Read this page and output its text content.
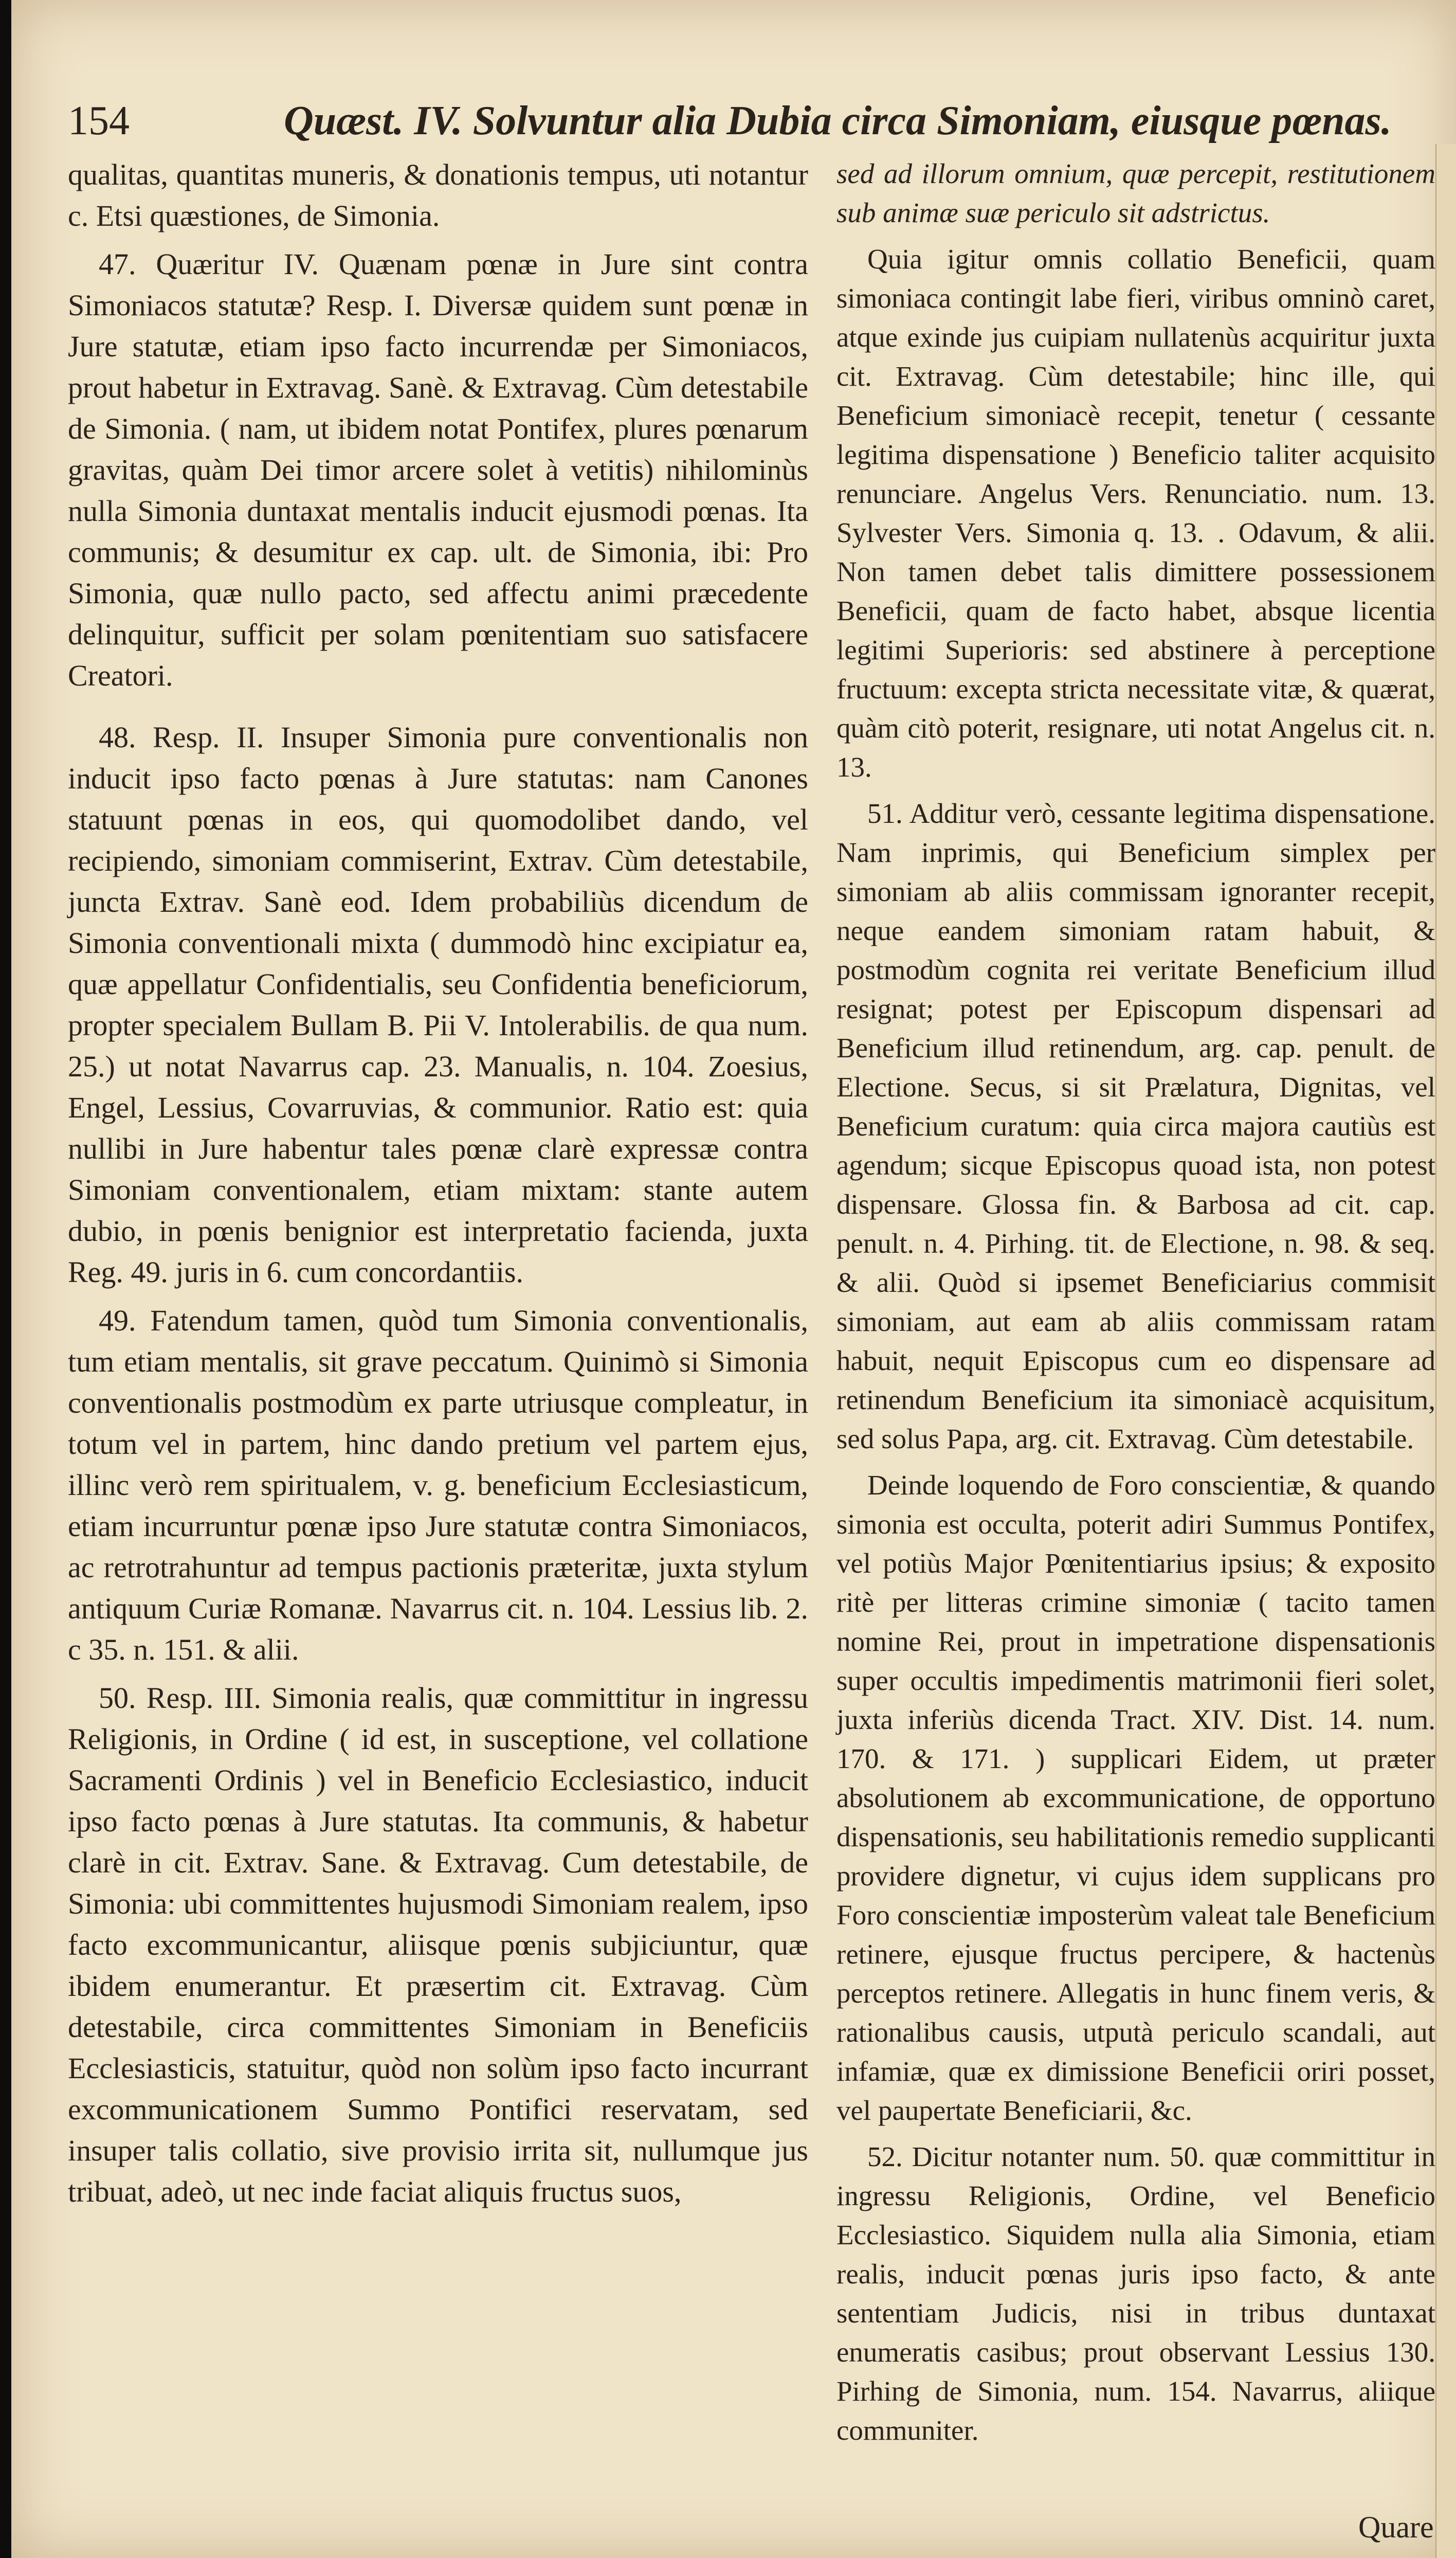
154	Quæst. IV. Solvuntur alia Dubia circa Simoniam, eiusque pœnas.

qualitas, quantitas muneris, & donationis tempus, uti notantur c. Etsi quæstiones, de Simonia.

47. Quæritur IV. Quænam pœnæ in Jure sint contra Simoniacos statutæ? Resp. I. Diversæ quidem sunt pœnæ in Jure statutæ, etiam ipso facto incurrendæ per Simoniacos, prout habetur in Extravag. Sanè. & Extravag. Cùm detestabile de Simonia. ( nam, ut ibidem notat Pontifex, plures pœnarum gravitas, quàm Dei timor arcere solet à vetitis) nihilominùs nulla Simonia duntaxat mentalis inducit ejusmodi pœnas. Ita communis; & desumitur ex cap. ult. de Simonia, ibi: Pro Simonia, quæ nullo pacto, sed affectu animi præcedente delinquitur, sufficit per solam pœnitentiam suo satisfacere Creatori.

48. Resp. II. Insuper Simonia pure conventionalis non inducit ipso facto pœnas à Jure statutas: nam Canones statuunt pœnas in eos, qui quomodolibet dando, vel recipiendo, simoniam commiserint, Extrav. Cùm detestabile, juncta Extrav. Sanè eod. Idem probabiliùs dicendum de Simonia conventionali mixta ( dummodò hinc excipiatur ea, quæ appellatur Confidentialis, seu Confidentia beneficiorum, propter specialem Bullam B. Pii V. Intolerabilis. de qua num. 25.) ut notat Navarrus cap. 23. Manualis, n. 104. Zoesius, Engel, Lessius, Covarruvias, & communior. Ratio est: quia nullibi in Jure habentur tales pœnæ clarè expressæ contra Simoniam conventionalem, etiam mixtam: stante autem dubio, in pœnis benignior est interpretatio facienda, juxta Reg. 49. juris in 6. cum concordantiis.

49. Fatendum tamen, quòd tum Simonia conventionalis, tum etiam mentalis, sit grave peccatum. Quinimò si Simonia conventionalis postmodùm ex parte utriusque compleatur, in totum vel in partem, hinc dando pretium vel partem ejus, illinc verò rem spiritualem, v. g. beneficium Ecclesiasticum, etiam incurruntur pœnæ ipso Jure statutæ contra Simoniacos, ac retrotrahuntur ad tempus pactionis præteritæ, juxta stylum antiquum Curiæ Romanæ. Navarrus cit. n. 104. Lessius lib. 2. c 35. n. 151. & alii.

50. Resp. III. Simonia realis, quæ committitur in ingressu Religionis, in Ordine ( id est, in susceptione, vel collatione Sacramenti Ordinis ) vel in Beneficio Ecclesiastico, inducit ipso facto pœnas à Jure statutas. Ita communis, & habetur clarè in cit. Extrav. Sane. & Extravag. Cum detestabile, de Simonia: ubi committentes hujusmodi Simoniam realem, ipso facto excommunicantur, aliisque pœnis subjiciuntur, quæ ibidem enumerantur. Et præsertim cit. Extravag. Cùm detestabile, circa committentes Simoniam in Beneficiis Ecclesiasticis, statuitur, quòd non solùm ipso facto incurrant excommunicationem Summo Pontifici reservatam, sed insuper talis collatio, sive provisio irrita sit, nullumque jus tribuat, adeò, ut nec inde faciat aliquis fructus suos,

sed ad illorum omnium, quæ percepit, restitutionem sub animæ suæ periculo sit adstrictus.

Quia igitur omnis collatio Beneficii, quam simoniaca contingit labe fieri, viribus omninò caret, atque exinde jus cuipiam nullatenùs acquiritur juxta cit. Extravag. Cùm detestabile; hinc ille, qui Beneficium simoniacè recepit, tenetur ( cessante legitima dispensatione ) Beneficio taliter acquisito renunciare. Angelus Vers. Renunciatio. num. 13. Sylvester Vers. Simonia q. 13. . Odavum, & alii. Non tamen debet talis dimittere possessionem Beneficii, quam de facto habet, absque licentia legitimi Superioris: sed abstinere à perceptione fructuum: excepta stricta necessitate vitæ, & quærat, quàm citò poterit, resignare, uti notat Angelus cit. n. 13.

51. Additur verò, cessante legitima dispensatione. Nam inprimis, qui Beneficium simplex per simoniam ab aliis commissam ignoranter recepit, neque eandem simoniam ratam habuit, & postmodùm cognita rei veritate Beneficium illud resignat; potest per Episcopum dispensari ad Beneficium illud retinendum, arg. cap. penult. de Electione. Secus, si sit Prælatura, Dignitas, vel Beneficium curatum: quia circa majora cautiùs est agendum; sicque Episcopus quoad ista, non potest dispensare. Glossa fin. & Barbosa ad cit. cap. penult. n. 4. Pirhing. tit. de Electione, n. 98. & seq. & alii. Quòd si ipsemet Beneficiarius commisit simoniam, aut eam ab aliis commissam ratam habuit, nequit Episcopus cum eo dispensare ad retinendum Beneficium ita simoniacè acquisitum, sed solus Papa, arg. cit. Extravag. Cùm detestabile.

Deinde loquendo de Foro conscientiæ, & quando simonia est occulta, poterit adiri Summus Pontifex, vel potiùs Major Pœnitentiarius ipsius; & exposito ritè per litteras crimine simoniæ ( tacito tamen nomine Rei, prout in impetratione dispensationis super occultis impedimentis matrimonii fieri solet, juxta inferiùs dicenda Tract. XIV. Dist. 14. num. 170. & 171. ) supplicari Eidem, ut præter absolutionem ab excommunicatione, de opportuno dispensationis, seu habilitationis remedio supplicanti providere dignetur, vi cujus idem supplicans pro Foro conscientiæ imposterùm valeat tale Beneficium retinere, ejusque fructus percipere, & hactenùs perceptos retinere. Allegatis in hunc finem veris, & rationalibus causis, utputà periculo scandali, aut infamiæ, quæ ex dimissione Beneficii oriri posset, vel paupertate Beneficiarii, &c.

52. Dicitur notanter num. 50. quæ committitur in ingressu Religionis, Ordine, vel Beneficio Ecclesiastico. Siquidem nulla alia Simonia, etiam realis, inducit pœnas juris ipso facto, & ante sententiam Judicis, nisi in tribus duntaxat enumeratis casibus; prout observant Lessius 130. Pirhing de Simonia, num. 154. Navarrus, aliique communiter.

Quare
